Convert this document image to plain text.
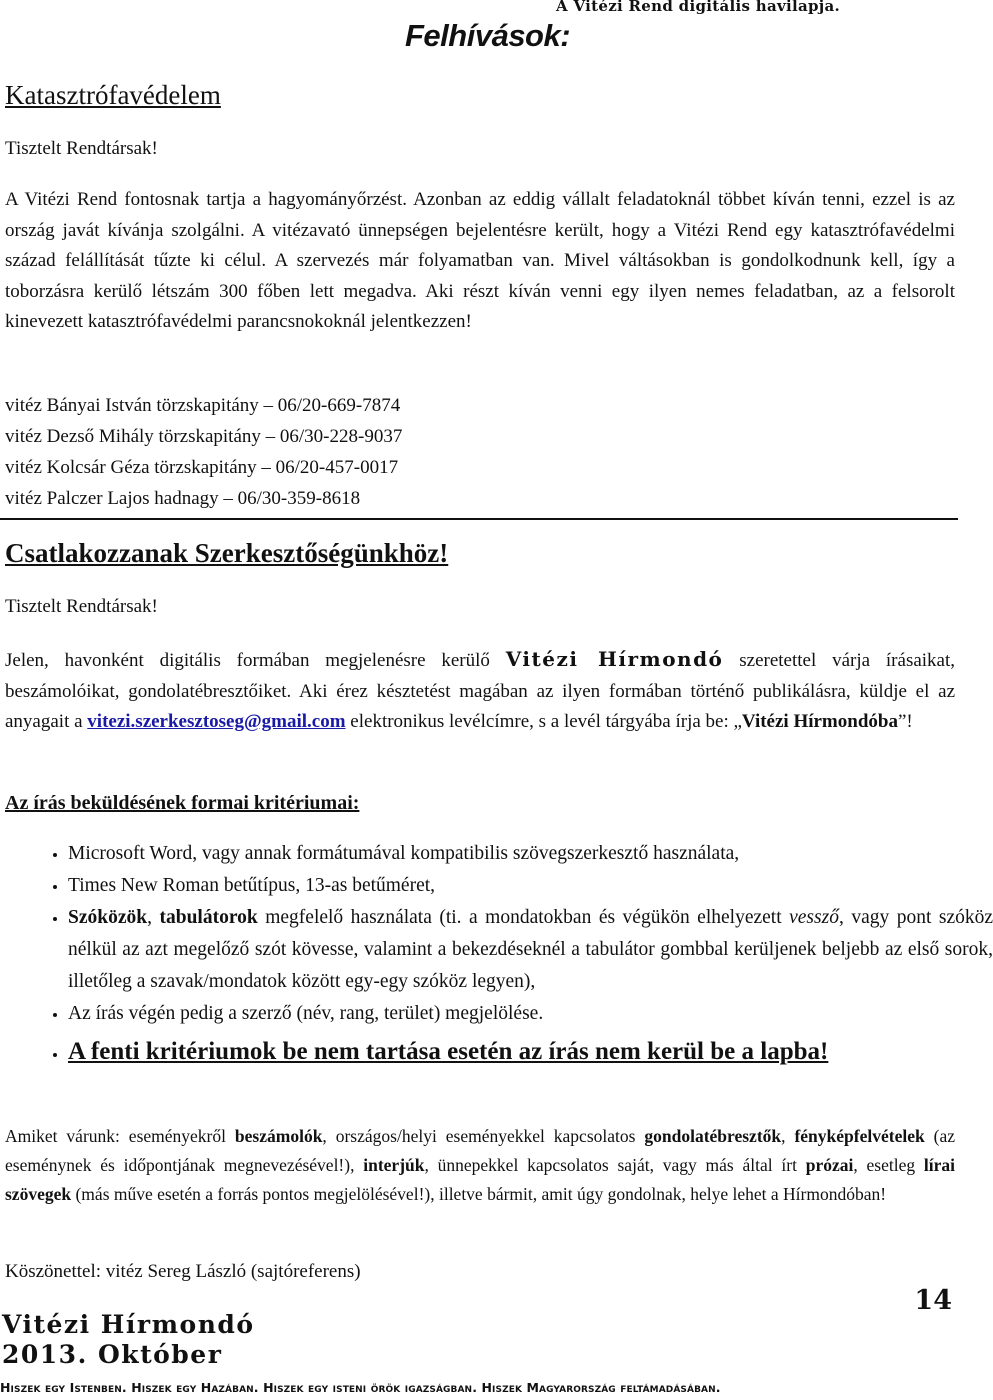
Felhívások:
A Vitézi Rend digitális havilapja.
Katasztrófavédelem
Tisztelt Rendtársak!

A Vitézi Rend fontosnak tartja a hagyományőrzést. Azonban az eddig vállalt feladatoknál többet kíván tenni, ezzel is az ország javát kívánja szolgálni. A vitézavató ünnepségen bejelentésre került, hogy a Vitézi Rend egy katasztrófavédelmi század felállítását tűzte ki célul. A szervezés már folyamatban van. Mivel váltásokban is gondolkodnunk kell, így a toborzásra kerülő létszám 300 főben lett megadva. Aki részt kíván venni egy ilyen nemes feladatban, az a felsorolt kinevezett katasztrófavédelmi parancsnokoknál jelentkezzen!

vitéz Bányai István törzskapitány – 06/20-669-7874
vitéz Dezső Mihály törzskapitány – 06/30-228-9037
vitéz Kolcsár Géza törzskapitány – 06/20-457-0017
vitéz Palczer Lajos hadnagy – 06/30-359-8618
Csatlakozzanak Szerkesztőségünkhöz!
Tisztelt Rendtársak!

Jelen, havonként digitális formában megjelenésre kerülő Vitézi Hírmondó szeretettel várja írásaikat, beszámolóikat, gondolatébresztőiket. Aki érez késztetést magában az ilyen formában történő publikálásra, küldje el az anyagait a vitezi.szerkesztoseg@gmail.com elektronikus levélcímre, s a levél tárgyába írja be: „Vitézi Hírmondóba”!

Az írás beküldésének formai kritériumai:
• Microsoft Word, vagy annak formátumával kompatibilis szövegszerkesztő használata,
• Times New Roman betűtípus, 13-as betűméret,
• Szóközök, tabulátorok megfelelő használata (ti. a mondatokban és végükön elhelyezett vessző, vagy pont szóköz nélkül az azt megelőző szót kövesse, valamint a bekezdéseknél a tabulátor gombbal kerüljenek beljebb az első sorok, illetőleg a szavak/mondatok között egy-egy szóköz legyen),
• Az írás végén pedig a szerző (név, rang, terület) megjelölése.
• A fenti kritériumok be nem tartása esetén az írás nem kerül be a lapba!

Amiket várunk: eseményekről beszámolók, országos/helyi eseményekkel kapcsolatos gondolatébresztők, fényképfelvételek (az eseménynek és időpontjának megnevezésével!), interjúk, ünnepekkel kapcsolatos saját, vagy más által írt prózai, esetleg lírai szövegek (más műve esetén a forrás pontos megjelölésével!), illetve bármit, amit úgy gondolnak, helye lehet a Hírmondóban!

Köszönettel: vitéz Sereg László (sajtóreferens)
Vitézi Hírmondó
2013. Október
14
Hiszek egy Istenben. Hiszek egy Hazában. Hiszek egy isteni örök igazságban. Hiszek Magyarország feltámadásában.
